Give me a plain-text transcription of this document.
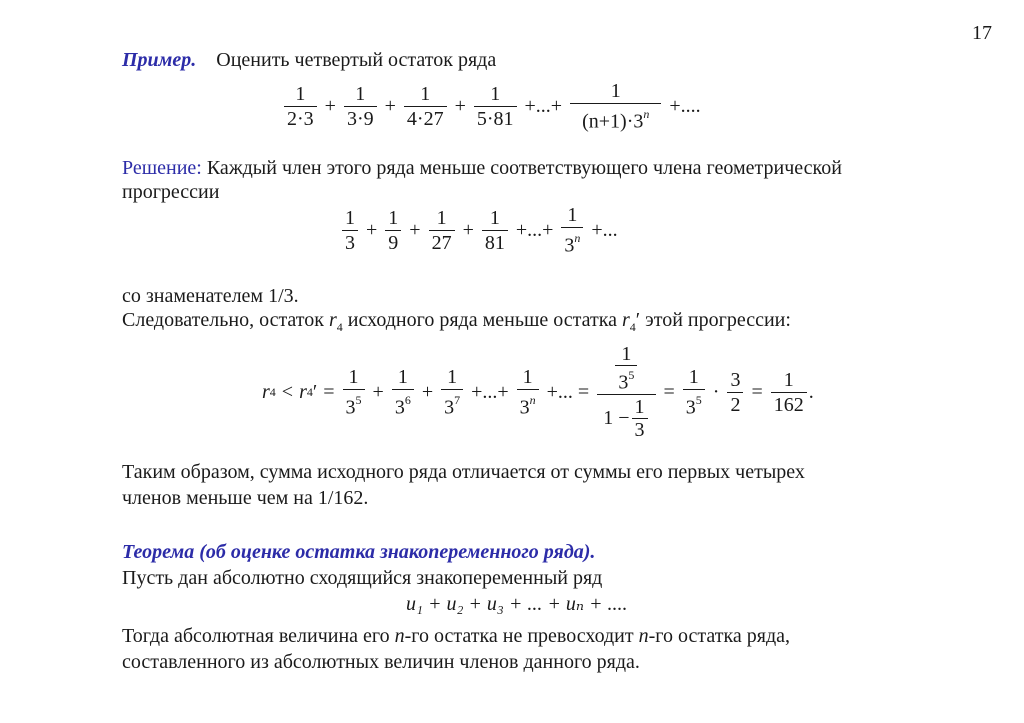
17
Пример. Оценить четвертый остаток ряда
$\frac{1}{2\cdot 3} + \frac{1}{3\cdot 9} + \frac{1}{4\cdot 27} + \frac{1}{5\cdot 81}$ +...+ $\frac{1}{(n+1)\cdot 3^n}$ +....
Решение: Каждый член этого ряда меньше соответствующего члена геометрической
прогрессии
$\frac{1}{3} + \frac{1}{9} + \frac{1}{27} + \frac{1}{81}$ +...+ $\frac{1}{3^n}$ +...
со знаменателем 1/3.
Следовательно, остаток $r_4$ исходного ряда меньше остатка $r_4'$ этой прогрессии:
r 4 < r 4 ′ = $\frac{1}{3^5} + \frac{1}{3^6} + \frac{1}{3^7}$ +...+ $\frac{1}{3^n}$ +... = $\frac{\frac{1}{3^5}}{1 - \frac{1}{3}} = \frac{1}{3^5} \cdot \frac{3}{2} = \frac{1}{162}$ .
Таким образом, сумма исходного ряда отличается от суммы его первых четырех
членов меньше чем на 1/162.
Теорема (об оценке остатка знакопеременного ряда).
Пусть дан абсолютно сходящийся знакопеременный ряд
u₁ + u₂ + u₃ + ... + uₙ + ....
Тогда абсолютная величина его n-го остатка не превосходит n-го остатка ряда,
составленного из абсолютных величин членов данного ряда.
